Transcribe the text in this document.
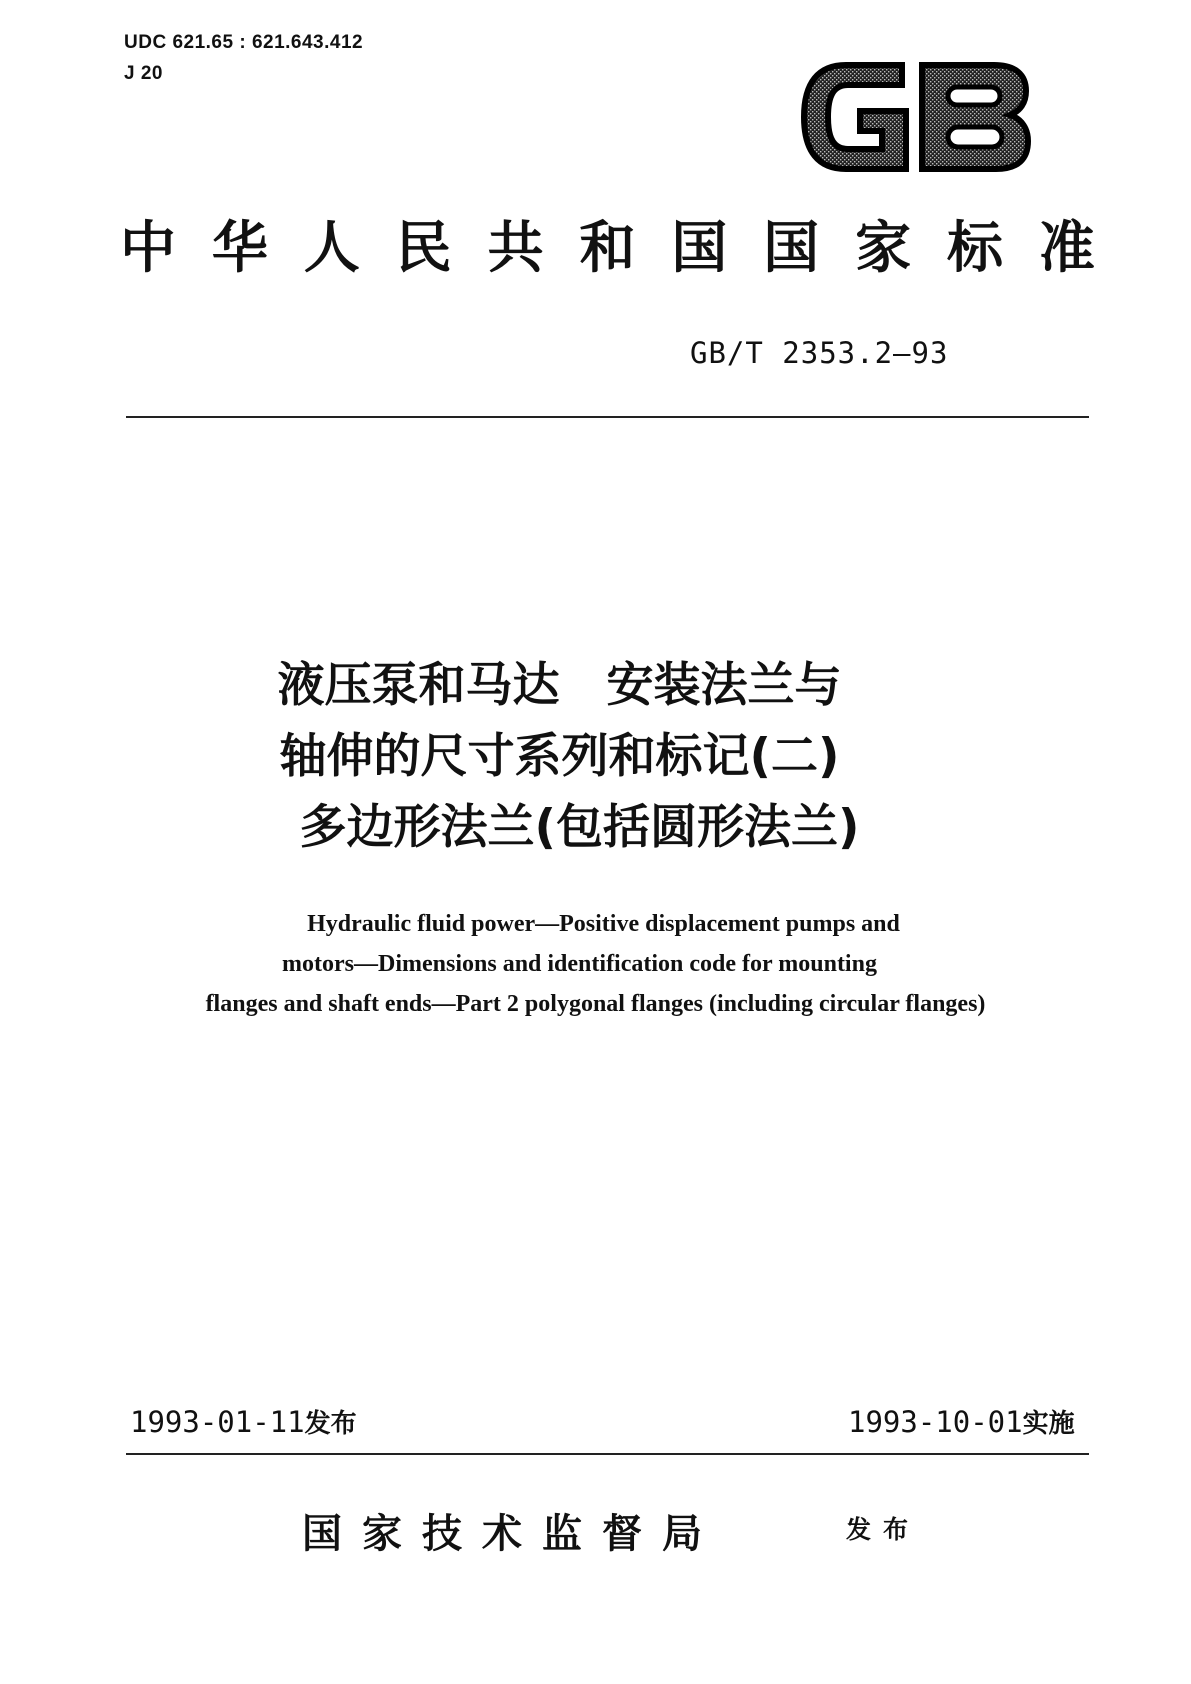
UDC 621.65 : 621.643.412
J 20
中 华 人 民 共 和 国 国 家 标 准
GB/T 2353.2—93
液压泵和马达　安装法兰与
轴伸的尺寸系列和标记(二)
多边形法兰(包括圆形法兰)
Hydraulic fluid power—Positive displacement pumps and
motors—Dimensions and identification code for mounting
flanges and shaft ends—Part 2 polygonal flanges (including circular flanges)
1993-01-11发布	1993-10-01实施
国家技术监督局	发布
